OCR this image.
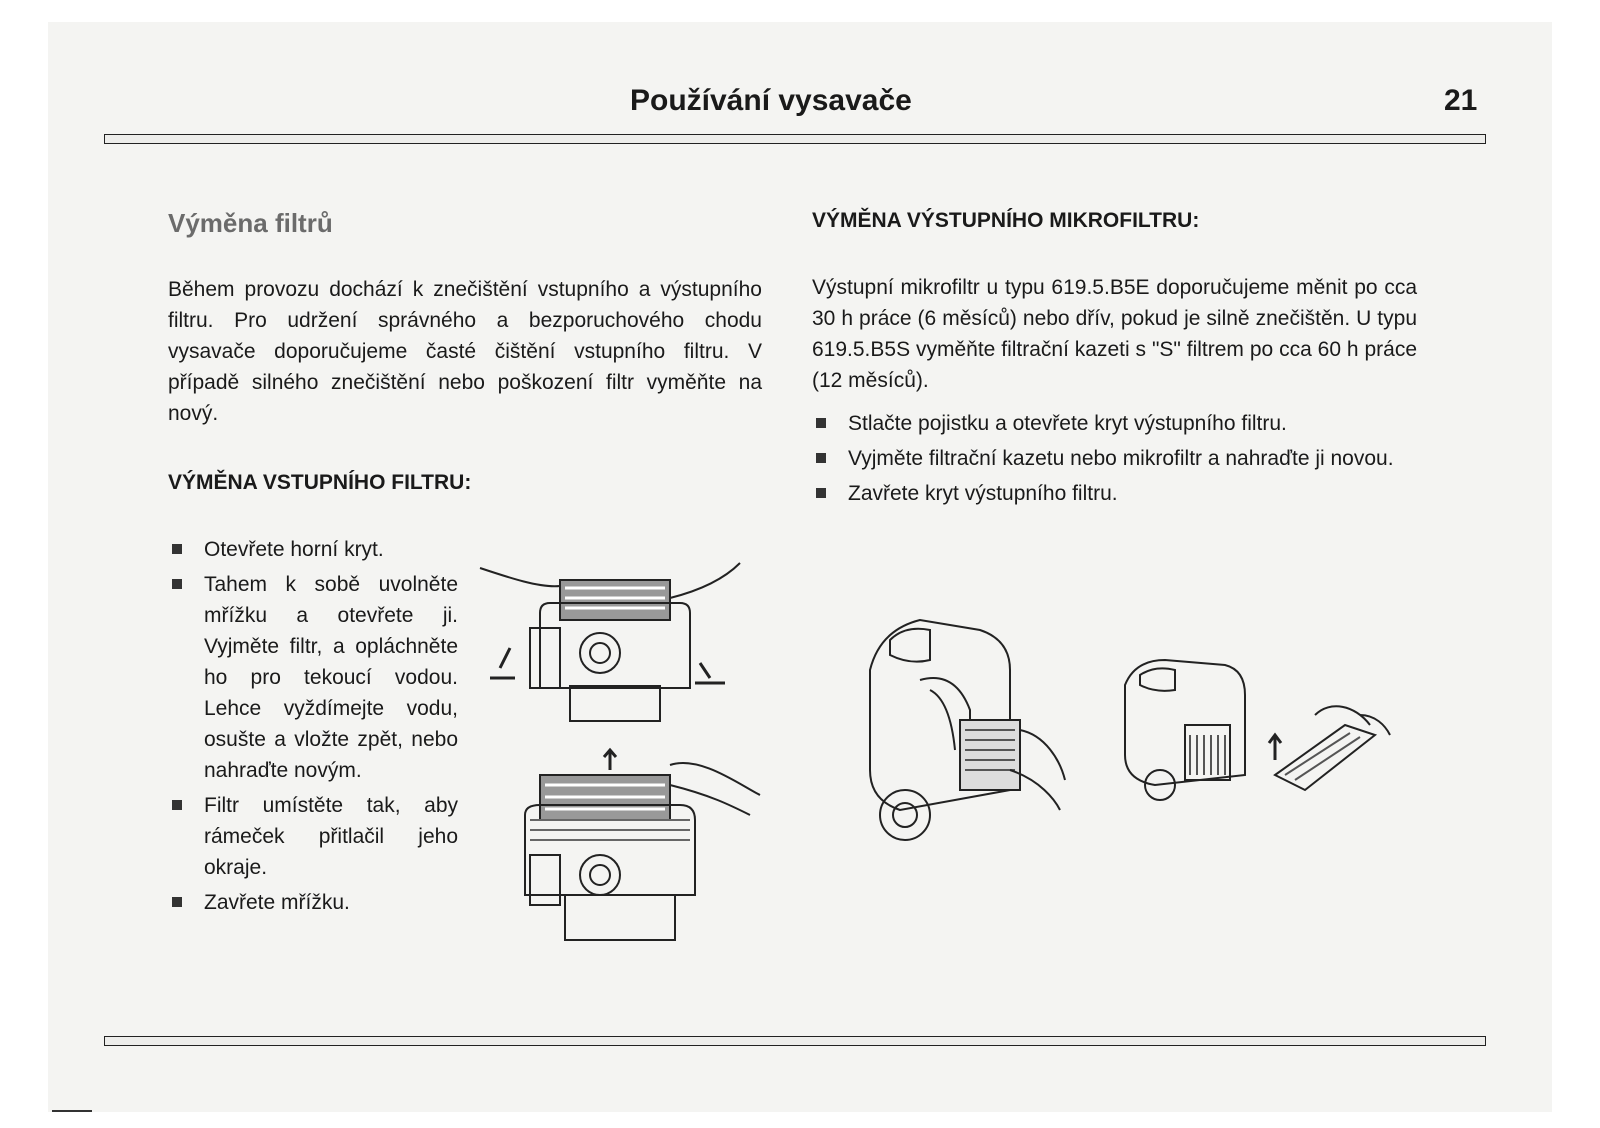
Používání vysavače	21
Výměna filtrů

Během provozu dochází k znečištění vstupního a výstupního filtru. Pro udržení správného a bezporuchového chodu vysavače doporučujeme časté čištění vstupního filtru. V případě silného znečištění nebo poškození filtr vyměňte na nový.

VÝMĚNA VSTUPNÍHO FILTRU:

Otevřete horní kryt.
Tahem k sobě uvolněte mřížku a otevřete ji. Vyjměte filtr, a opláchněte ho pro tekoucí vodou. Lehce vyždímejte vodu, osušte a vložte zpět, nebo nahraďte novým.
Filtr umístěte tak, aby rámeček přitlačil jeho okraje.
Zavřete mřížku.

VÝMĚNA VÝSTUPNÍHO MIKROFILTRU:

Výstupní mikrofiltr u typu 619.5.B5E doporučujeme měnit po cca 30 h práce (6 měsíců) nebo dřív, pokud je silně znečištěn. U typu 619.5.B5S vyměňte filtrační kazeti s "S" filtrem po cca 60 h práce (12 měsíců).

Stlačte pojistku a otevřete kryt výstupního filtru.
Vyjměte filtrační kazetu nebo mikrofiltr a nahraďte ji novou.
Zavřete kryt výstupního filtru.
